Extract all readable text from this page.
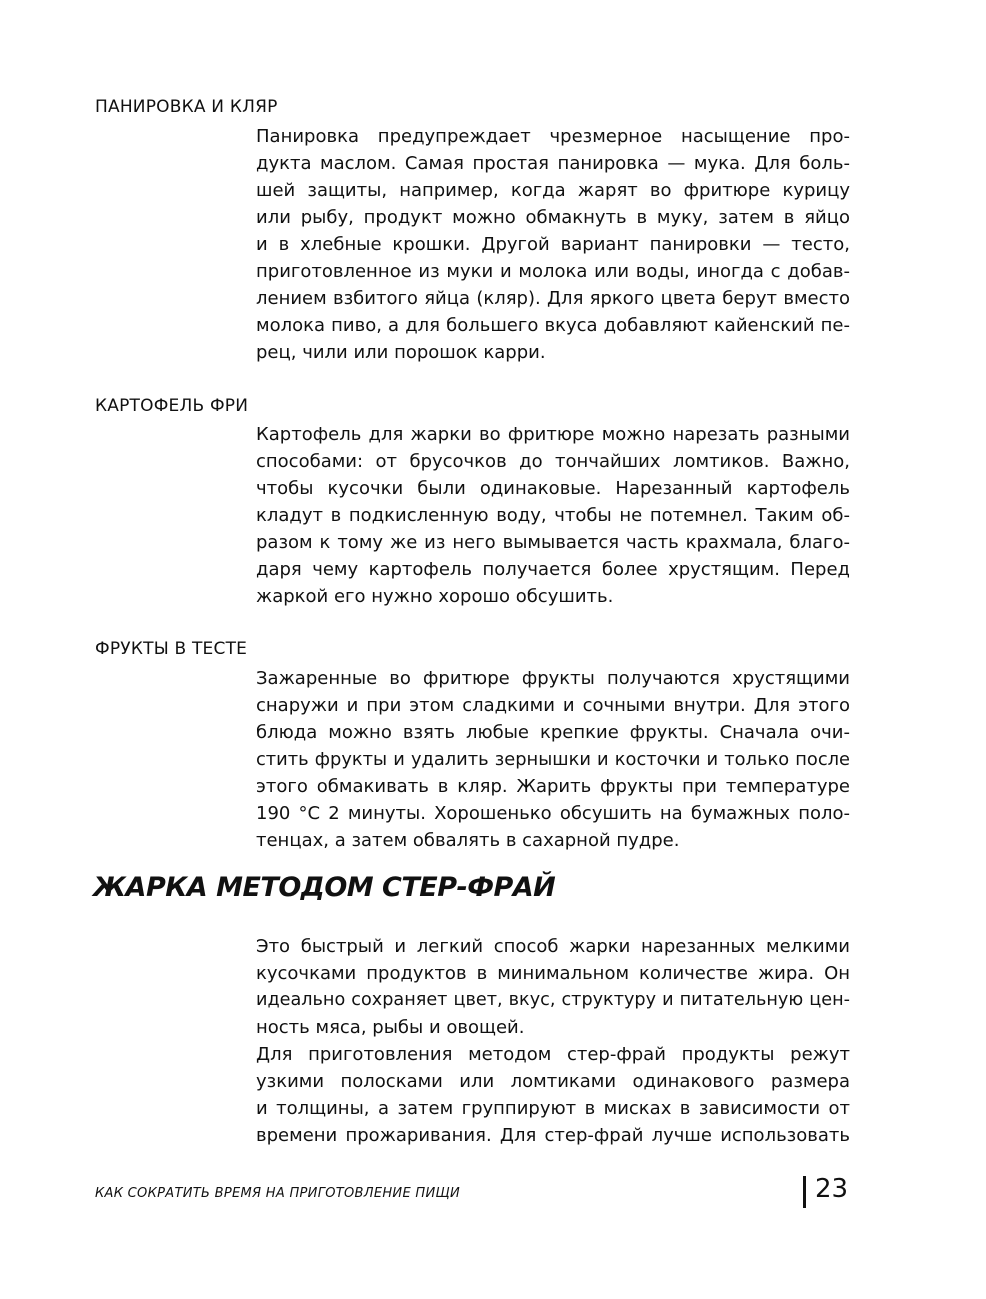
ПАНИРОВКА И КЛЯР
Панировка предупреждает чрезмерное насыщение про-
дукта маслом. Самая простая панировка — мука. Для боль-
шей защиты, например, когда жарят во фритюре курицу
или рыбу, продукт можно обмакнуть в муку, затем в яйцо
и в хлебные крошки. Другой вариант панировки — тесто,
приготовленное из муки и молока или воды, иногда с добав-
лением взбитого яйца (кляр). Для яркого цвета берут вместо
молока пиво, а для большего вкуса добавляют кайенский пе-
рец, чили или порошок карри.
КАРТОФЕЛЬ ФРИ
Картофель для жарки во фритюре можно нарезать разными
способами: от брусочков до тончайших ломтиков. Важно,
чтобы кусочки были одинаковые. Нарезанный картофель
кладут в подкисленную воду, чтобы не потемнел. Таким об-
разом к тому же из него вымывается часть крахмала, благо-
даря чему картофель получается более хрустящим. Перед
жаркой его нужно хорошо обсушить.
ФРУКТЫ В ТЕСТЕ
Зажаренные во фритюре фрукты получаются хрустящими
снаружи и при этом сладкими и сочными внутри. Для этого
блюда можно взять любые крепкие фрукты. Сначала очи-
стить фрукты и удалить зернышки и косточки и только после
этого обмакивать в кляр. Жарить фрукты при температуре
190 °С 2 минуты. Хорошенько обсушить на бумажных поло-
тенцах, а затем обвалять в сахарной пудре.
ЖАРКА МЕТОДОМ СТЕР-ФРАЙ

Это быстрый и легкий способ жарки нарезанных мелкими
кусочками продуктов в минимальном количестве жира. Он
идеально сохраняет цвет, вкус, структуру и питательную цен-
ность мяса, рыбы и овощей.

Для приготовления методом стер-фрай продукты режут
узкими полосками или ломтиками одинакового размера
и толщины, а затем группируют в мисках в зависимости от
времени прожаривания. Для стер-фрай лучше использовать

КАК СОКРАТИТЬ ВРЕМЯ НА ПРИГОТОВЛЕНИЕ ПИЩИ	23
